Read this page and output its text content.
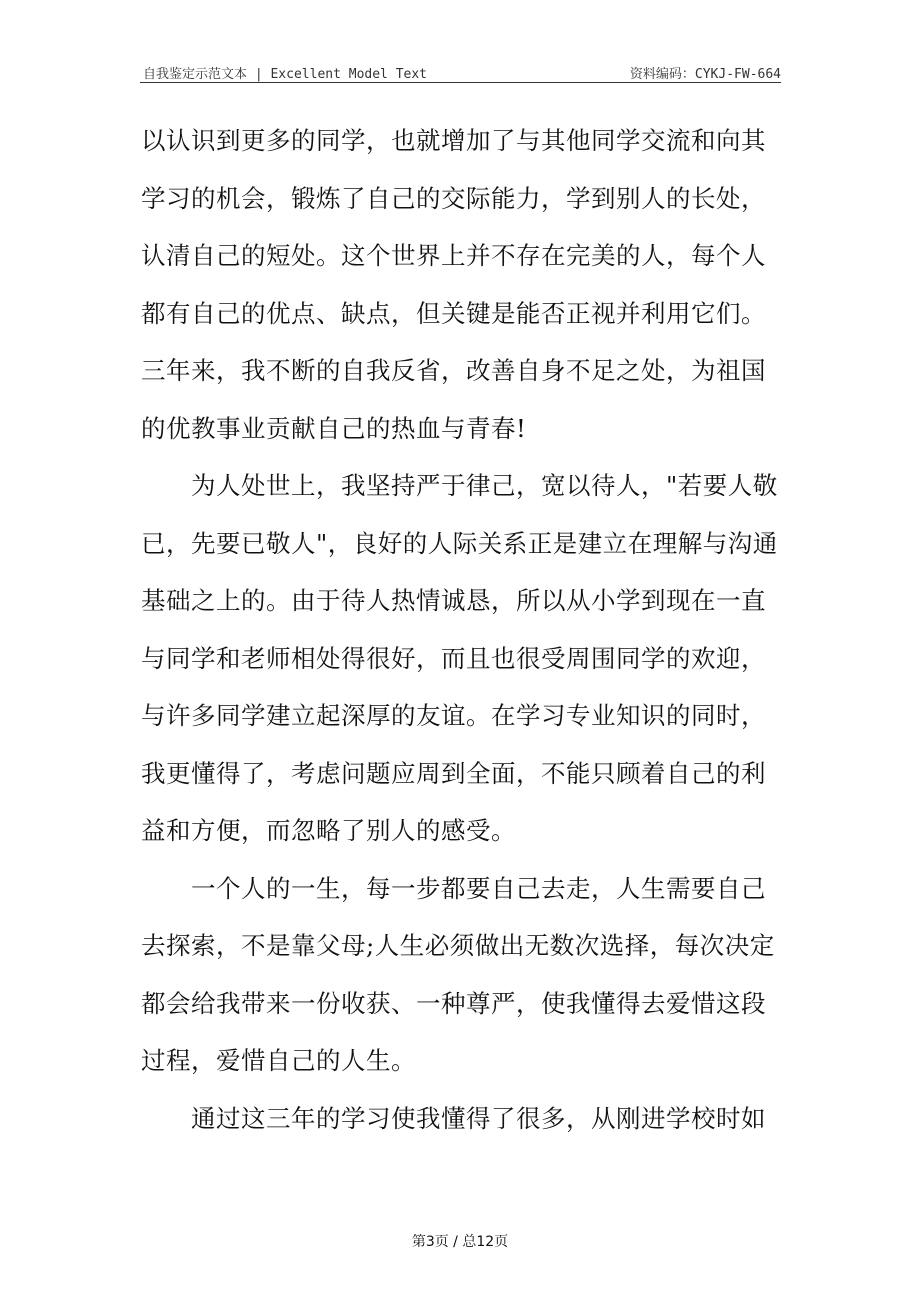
自我鉴定示范文本 | Excellent Model Text	资料编码：CYKJ-FW-664
以认识到更多的同学，也就增加了与其他同学交流和向其
学习的机会，锻炼了自己的交际能力，学到别人的长处，
认清自己的短处。这个世界上并不存在完美的人，每个人
都有自己的优点、缺点，但关键是能否正视并利用它们。
三年来，我不断的自我反省，改善自身不足之处，为祖国
的优教事业贡献自己的热血与青春!
　　为人处世上，我坚持严于律己，宽以待人，"若要人敬
已，先要已敬人"，良好的人际关系正是建立在理解与沟通
基础之上的。由于待人热情诚恳，所以从小学到现在一直
与同学和老师相处得很好，而且也很受周围同学的欢迎，
与许多同学建立起深厚的友谊。在学习专业知识的同时，
我更懂得了，考虑问题应周到全面，不能只顾着自己的利
益和方便，而忽略了别人的感受。
　　一个人的一生，每一步都要自己去走，人生需要自己
去探索，不是靠父母;人生必须做出无数次选择，每次决定
都会给我带来一份收获、一种尊严，使我懂得去爱惜这段
过程，爱惜自己的人生。
　　通过这三年的学习使我懂得了很多，从刚进学校时如
第3页 / 总12页
